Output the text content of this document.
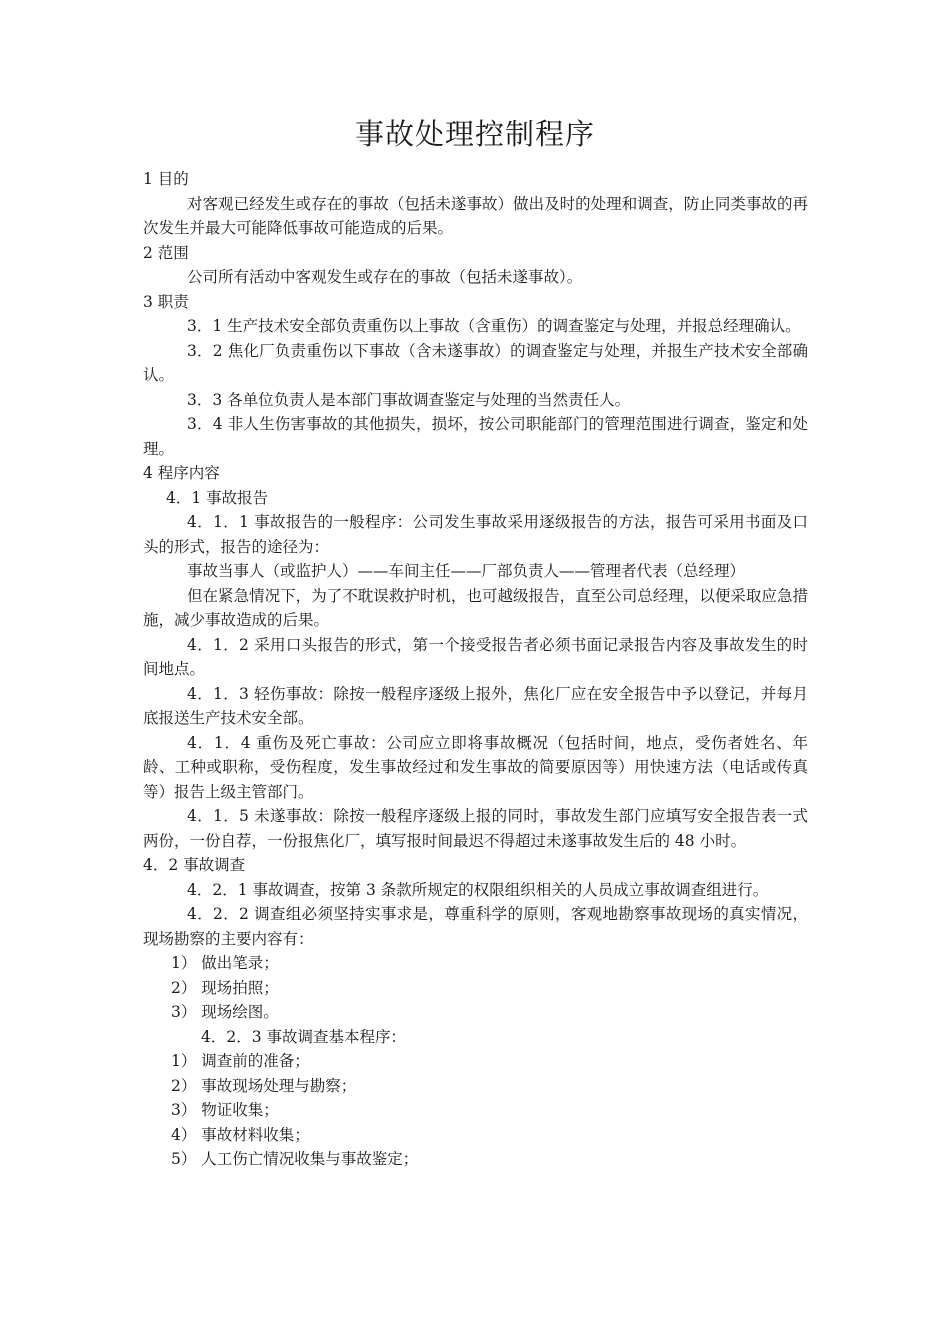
事故处理控制程序

1 目的

对客观已经发生或存在的事故（包括未遂事故）做出及时的处理和调查，防止同类事故的再次发生并最大可能降低事故可能造成的后果。

2 范围

公司所有活动中客观发生或存在的事故（包括未遂事故）。

3 职责

3．1 生产技术安全部负责重伤以上事故（含重伤）的调查鉴定与处理，并报总经理确认。

3．2 焦化厂负责重伤以下事故（含未遂事故）的调查鉴定与处理，并报生产技术安全部确认。

3．3 各单位负责人是本部门事故调查鉴定与处理的当然责任人。

3．4 非人生伤害事故的其他损失，损坏，按公司职能部门的管理范围进行调查，鉴定和处理。

4 程序内容

4．1 事故报告

4．1．1 事故报告的一般程序：公司发生事故采用逐级报告的方法，报告可采用书面及口头的形式，报告的途径为：

事故当事人（或监护人）——车间主任——厂部负责人——管理者代表（总经理）

但在紧急情况下，为了不耽误救护时机，也可越级报告，直至公司总经理，以便采取应急措施，减少事故造成的后果。

4．1．2 采用口头报告的形式，第一个接受报告者必须书面记录报告内容及事故发生的时间地点。

4．1．3 轻伤事故：除按一般程序逐级上报外，焦化厂应在安全报告中予以登记，并每月底报送生产技术安全部。

4．1．4 重伤及死亡事故：公司应立即将事故概况（包括时间，地点，受伤者姓名、年龄、工种或职称，受伤程度，发生事故经过和发生事故的简要原因等）用快速方法（电话或传真等）报告上级主管部门。

4．1．5 未遂事故：除按一般程序逐级上报的同时，事故发生部门应填写安全报告表一式两份，一份自荐，一份报焦化厂，填写报时间最迟不得超过未遂事故发生后的 48 小时。

4．2 事故调查

4．2．1 事故调查，按第 3 条款所规定的权限组织相关的人员成立事故调查组进行。

4．2．2 调查组必须坚持实事求是，尊重科学的原则，客观地勘察事故现场的真实情况，现场勘察的主要内容有：

1） 做出笔录；

2） 现场拍照；

3） 现场绘图。

4．2．3 事故调查基本程序：

1） 调查前的准备；

2） 事故现场处理与勘察；

3） 物证收集；

4） 事故材料收集；

5） 人工伤亡情况收集与事故鉴定；
